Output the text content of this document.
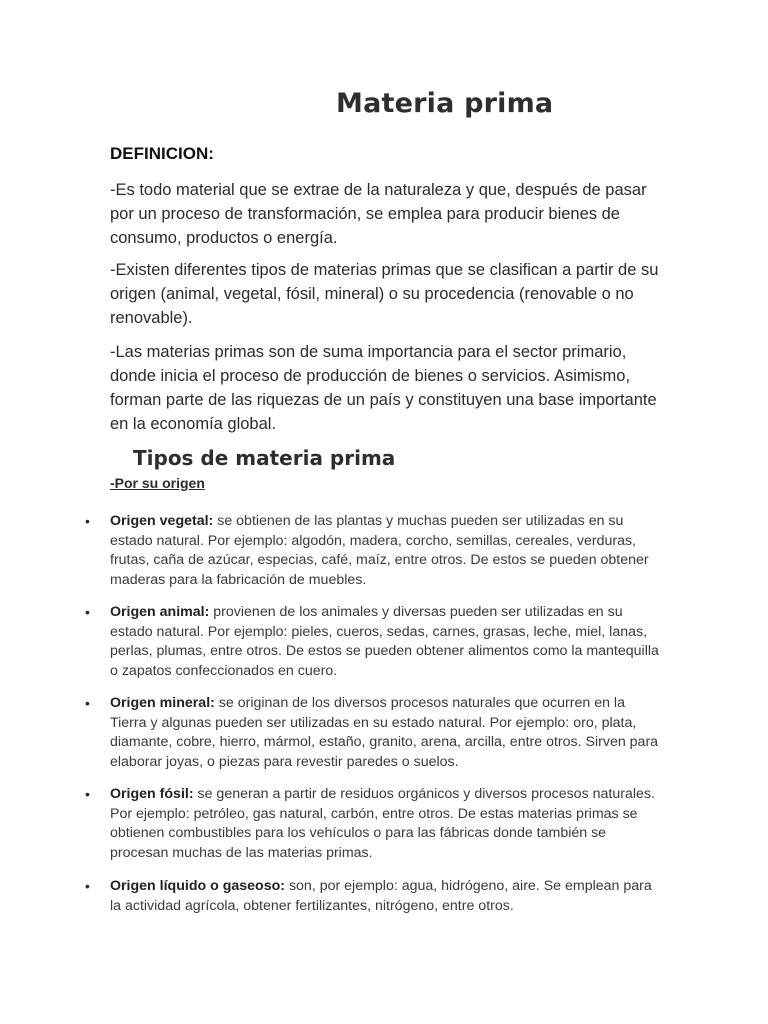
Materia prima
DEFINICION:

-Es todo material que se extrae de la naturaleza y que, después de pasar por un proceso de transformación, se emplea para producir bienes de consumo, productos o energía.

-Existen diferentes tipos de materias primas que se clasifican a partir de su origen (animal, vegetal, fósil, mineral) o su procedencia (renovable o no renovable).

-Las materias primas son de suma importancia para el sector primario, donde inicia el proceso de producción de bienes o servicios. Asimismo, forman parte de las riquezas de un país y constituyen una base importante en la economía global.

Tipos de materia prima
-Por su origen
• Origen vegetal: se obtienen de las plantas y muchas pueden ser utilizadas en su estado natural. Por ejemplo: algodón, madera, corcho, semillas, cereales, verduras, frutas, caña de azúcar, especias, café, maíz, entre otros. De estos se pueden obtener maderas para la fabricación de muebles.
• Origen animal: provienen de los animales y diversas pueden ser utilizadas en su estado natural. Por ejemplo: pieles, cueros, sedas, carnes, grasas, leche, miel, lanas, perlas, plumas, entre otros. De estos se pueden obtener alimentos como la mantequilla o zapatos confeccionados en cuero.
• Origen mineral: se originan de los diversos procesos naturales que ocurren en la Tierra y algunas pueden ser utilizadas en su estado natural. Por ejemplo: oro, plata, diamante, cobre, hierro, mármol, estaño, granito, arena, arcilla, entre otros. Sirven para elaborar joyas, o piezas para revestir paredes o suelos.
• Origen fósil: se generan a partir de residuos orgánicos y diversos procesos naturales. Por ejemplo: petróleo, gas natural, carbón, entre otros. De estas materias primas se obtienen combustibles para los vehículos o para las fábricas donde también se procesan muchas de las materias primas.
• Origen líquido o gaseoso: son, por ejemplo: agua, hidrógeno, aire. Se emplean para la actividad agrícola, obtener fertilizantes, nitrógeno, entre otros.
